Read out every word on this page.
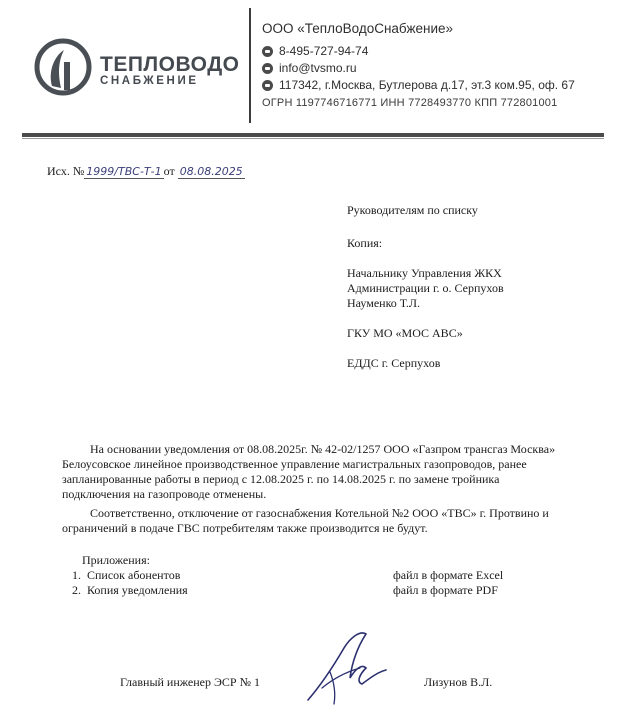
ТЕПЛОВОДО
СНАБЖЕНИЕ
ООО «ТеплоВодоСнабжение»
8-495-727-94-74
info@tvsmo.ru
117342, г.Москва, Бутлерова д.17, эт.3 ком.95, оф. 67
ОГРН 1197746716771 ИНН 7728493770 КПП 772801001
Исх. № 1999/ТВС-Т-1 от 08.08.2025
Руководителям по списку
Копия:
Начальнику Управления ЖКХ
Администрации г. о. Серпухов
Науменко Т.Л.
ГКУ МО «МОС АВС»
ЕДДС г. Серпухов
На основании уведомления от 08.08.2025г. № 42-02/1257 ООО «Газпром трансгаз Москва»
Белоусовское линейное производственное управление магистральных газопроводов, ранее
запланированные работы в период с 12.08.2025 г. по 14.08.2025 г. по замене тройника
подключения на газопроводе отменены.
Соответственно, отключение от газоснабжения Котельной №2 ООО «ТВС» г. Протвино и
ограничений в подаче ГВС потребителям также производится не будут.
Приложения:
1. Список абонентов	файл в формате Excel
2. Копия уведомления	файл в формате PDF
Главный инженер ЭСР № 1	Лизунов В.Л.
